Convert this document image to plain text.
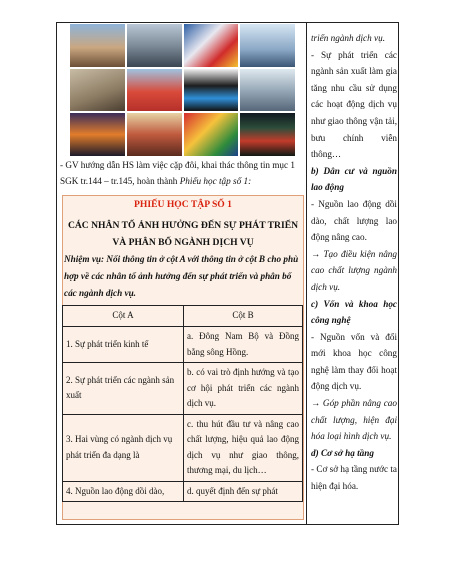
- GV hướng dẫn HS làm việc cặp đôi, khai thác thông tin mục 1 SGK tr.144 – tr.145, hoàn thành Phiếu học tập số 1:
PHIẾU HỌC TẬP SỐ 1
CÁC NHÂN TỐ ẢNH HƯỞNG ĐẾN SỰ PHÁT TRIỂN VÀ PHÂN BỐ NGÀNH DỊCH VỤ
Nhiệm vụ: Nối thông tin ở cột A với thông tin ở cột B cho phù hợp về các nhân tố ảnh hưởng đến sự phát triển và phân bố các ngành dịch vụ.
Cột A	Cột B
1. Sự phát triển kinh tế	a. Đông Nam Bộ và Đồng bằng sông Hồng.
2. Sự phát triển các ngành sản xuất	b. có vai trò định hướng và tạo cơ hội phát triển các ngành dịch vụ.
3. Hai vùng có ngành dịch vụ phát triển đa dạng là	c. thu hút đầu tư và nâng cao chất lượng, hiệu quả lao động dịch vụ như giao thông, thương mại, du lịch…
4. Nguồn lao động dồi dào,	d. quyết định đến sự phát

triển ngành dịch vụ.

- Sự phát triển các ngành sản xuất làm gia tăng nhu cầu sử dụng các hoạt động dịch vụ như giao thông vận tải, bưu chính viễn thông…

b) Dân cư và nguồn lao động

- Nguồn lao động dồi dào, chất lượng lao động nâng cao.

→ Tạo điều kiện nâng cao chất lượng ngành dịch vụ.

c) Vốn và khoa học công nghệ

- Nguồn vốn và đổi mới khoa học công nghệ làm thay đổi hoạt động dịch vụ.

→ Góp phần nâng cao chất lượng, hiện đại hóa loại hình dịch vụ.

d) Cơ sở hạ tầng

- Cơ sở hạ tầng nước ta hiện đại hóa.
